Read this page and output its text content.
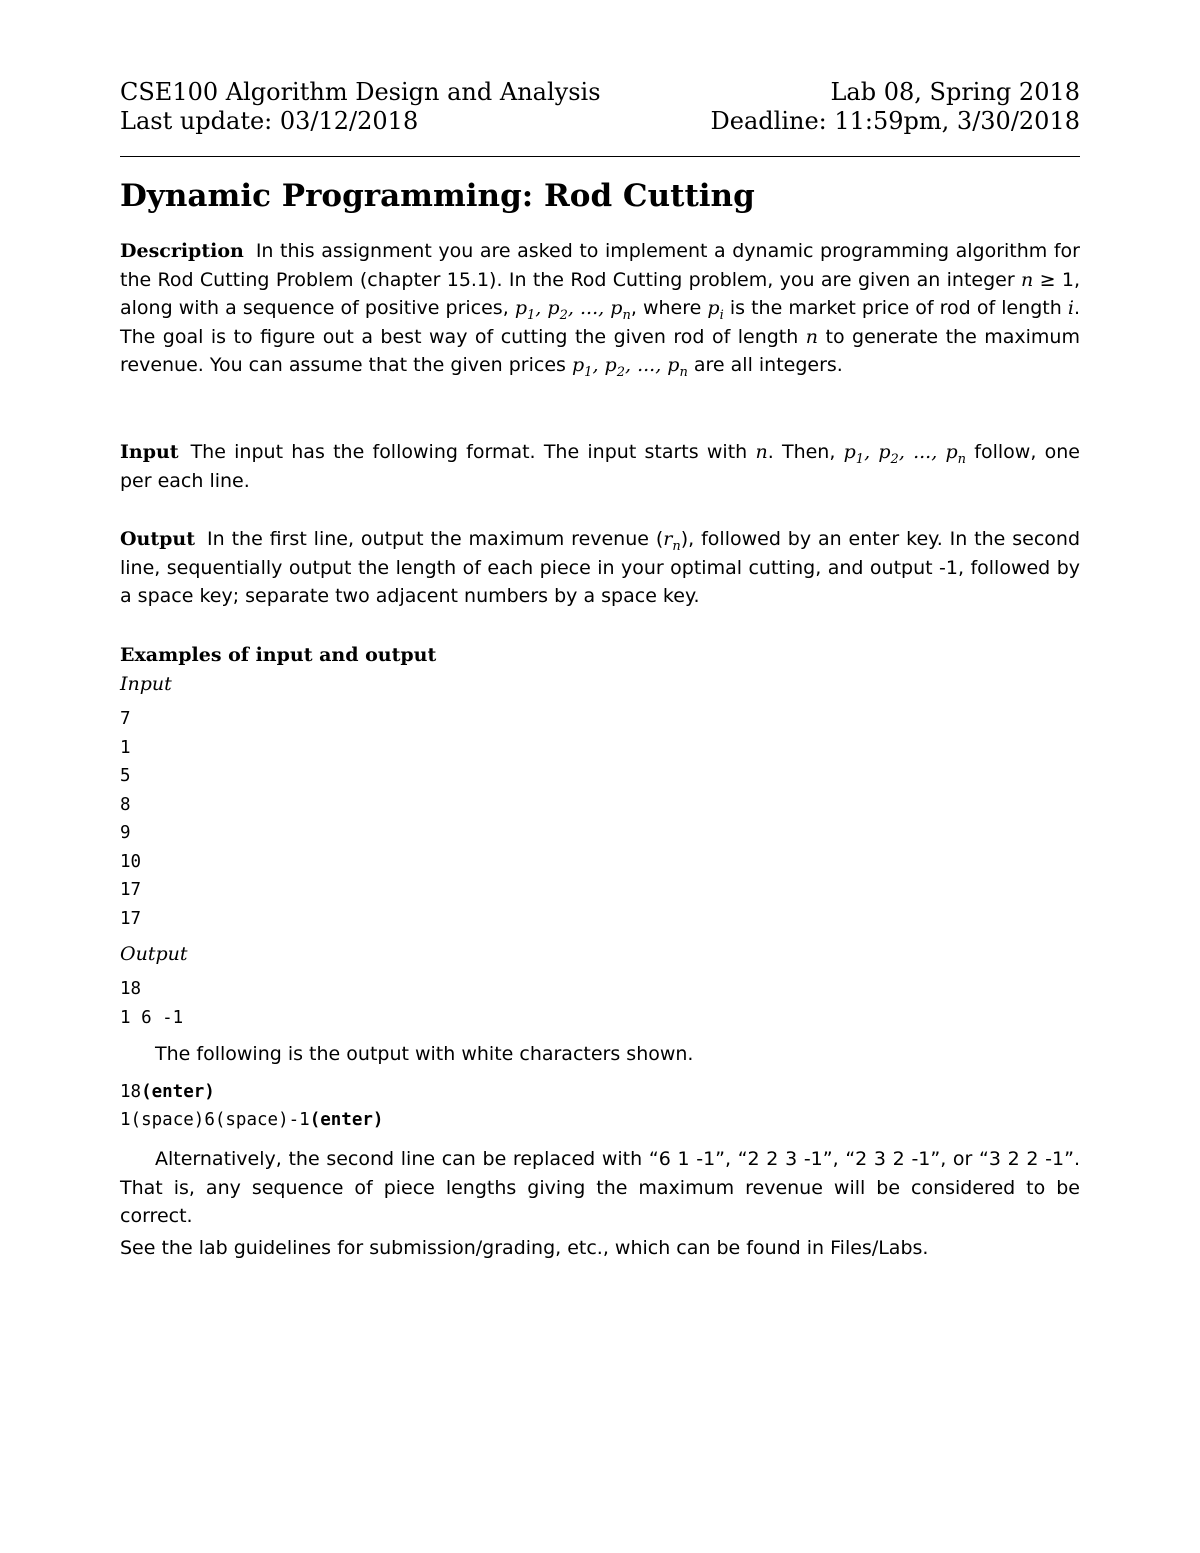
CSE100 Algorithm Design and Analysis	Lab 08, Spring 2018
Last update: 03/12/2018	Deadline: 11:59pm, 3/30/2018
Dynamic Programming: Rod Cutting

Description In this assignment you are asked to implement a dynamic programming algorithm for the Rod Cutting Problem (chapter 15.1). In the Rod Cutting problem, you are given an integer n ≥ 1, along with a sequence of positive prices, $p_1$, $p_2$, ..., $p_n$, where $p_i$ is the market price of rod of length i. The goal is to figure out a best way of cutting the given rod of length n to generate the maximum revenue. You can assume that the given prices $p_1$, $p_2$, ..., $p_n$ are all integers.

Input The input has the following format. The input starts with n. Then, $p_1$, $p_2$, ..., $p_n$ follow, one per each line.

Output In the first line, output the maximum revenue $(r_n)$, followed by an enter key. In the second line, sequentially output the length of each piece in your optimal cutting, and output -1, followed by a space key; separate two adjacent numbers by a space key.

Examples of input and output
Input
7
1
5
8
9
10
17
17
Output
18
1 6 -1

The following is the output with white characters shown.

18(enter)
1(space)6(space)-1(enter)

Alternatively, the second line can be replaced with “6 1 -1”, “2 2 3 -1”, “2 3 2 -1”, or “3 2 2 -1”. That is, any sequence of piece lengths giving the maximum revenue will be considered to be correct.

See the lab guidelines for submission/grading, etc., which can be found in Files/Labs.
